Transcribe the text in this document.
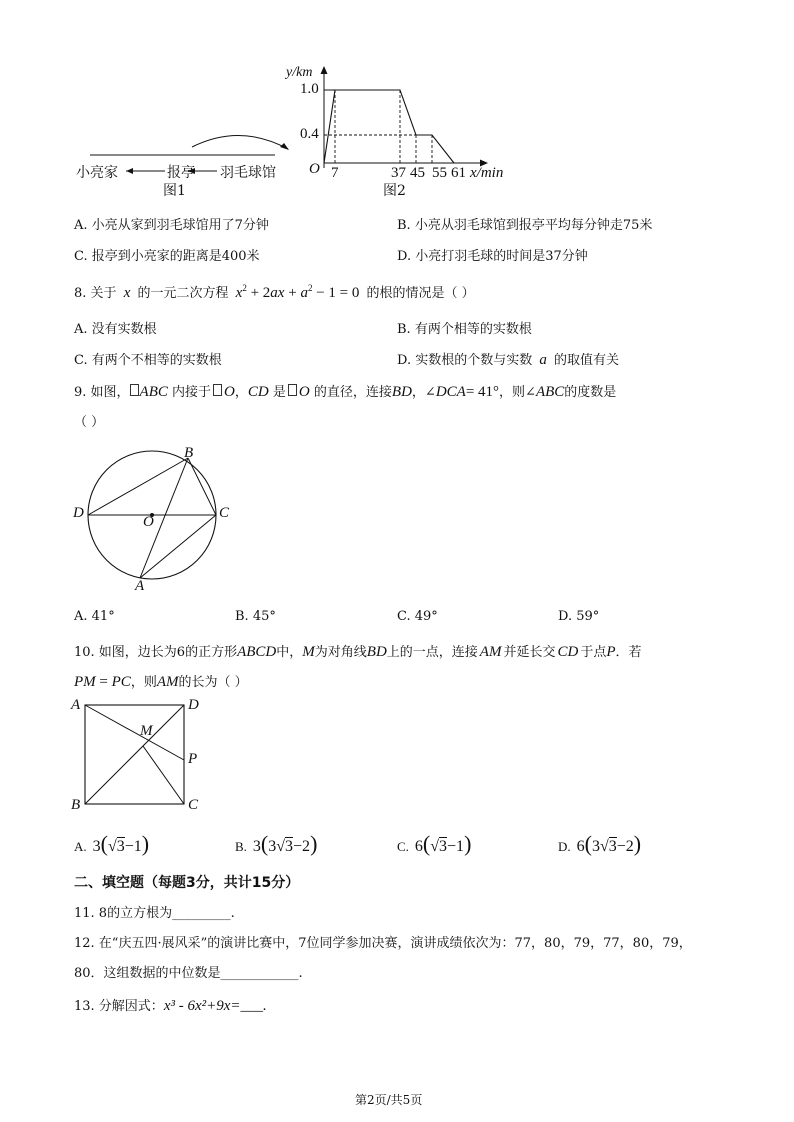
小亮家	报亭 羽毛球馆
图1
y/km
1.0
0.4
O 7	37 45 55 61 x/min
图2
A. 小亮从家到羽毛球馆用了7分钟	B. 小亮从羽毛球馆到报亭平均每分钟走75米
C. 报亭到小亮家的距离是400米	D. 小亮打羽毛球的时间是37分钟
8. 关于 x 的一元二次方程 $x^2 + 2ax + a^2 - 1 = 0$ 的根的情况是（ ）
A. 没有实数根	B. 有两个相等的实数根
C. 有两个不相等的实数根	D. 实数根的个数与实数 a 的取值有关
9. 如图， ABC 内接于 O，CD 是 O 的直径，连接BD，∠DCA= 41°，则∠ABC的度数是
（ ）
B
D	C
O
A
A. 41°	B. 45°	C. 49°	D. 59°
10. 如图，边长为6的正方形ABCD中，M为对角线BD上的一点，连接 AM 并延长交 CD 于点P．若
PM = PC，则AM的长为（ ）
A	D
M
P
B	C
A. 3(√3−1)	B. 3(3√3−2)	C. 6(√3−1)	D. 6(3√3−2)
二、填空题（每题3分，共计15分）
11. 8的立方根为_________.
12. 在“庆五四·展风采”的演讲比赛中，7位同学参加决赛，演讲成绩依次为：77，80，79，77，80，79，
80．这组数据的中位数是____________.
13. 分解因式：x³ - 6x²+9x=___.
第2页/共5页
